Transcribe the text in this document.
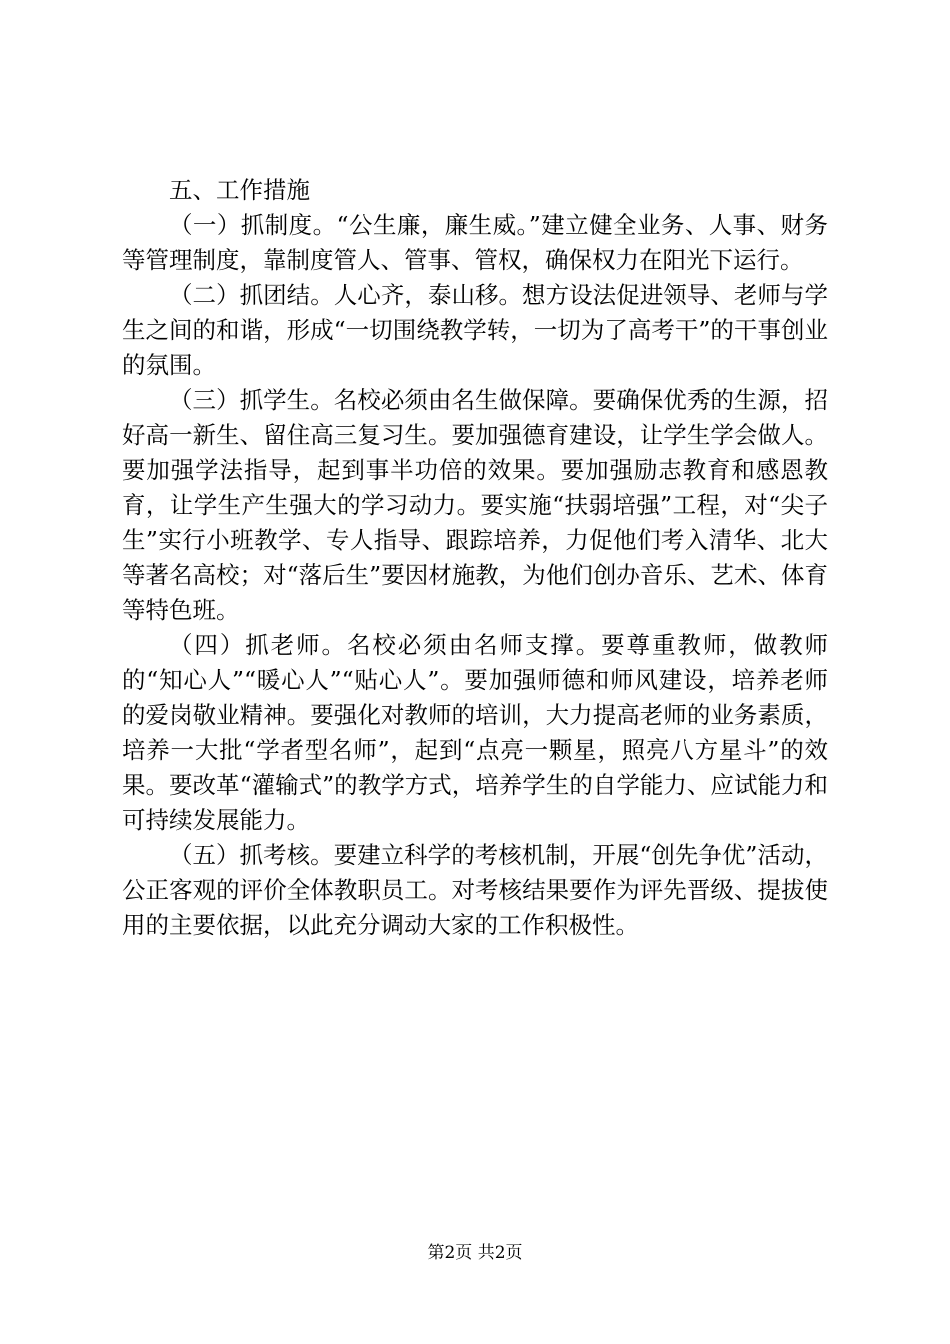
五、工作措施

（一）抓制度。“公生廉，廉生威。”建立健全业务、人事、财务等管理制度，靠制度管人、管事、管权，确保权力在阳光下运行。

（二）抓团结。人心齐，泰山移。想方设法促进领导、老师与学生之间的和谐，形成“一切围绕教学转，一切为了高考干”的干事创业的氛围。

（三）抓学生。名校必须由名生做保障。要确保优秀的生源，招好高一新生、留住高三复习生。要加强德育建设，让学生学会做人。要加强学法指导，起到事半功倍的效果。要加强励志教育和感恩教育，让学生产生强大的学习动力。要实施“扶弱培强”工程，对“尖子生”实行小班教学、专人指导、跟踪培养，力促他们考入清华、北大等著名高校；对“落后生”要因材施教，为他们创办音乐、艺术、体育等特色班。

（四）抓老师。名校必须由名师支撑。要尊重教师，做教师的“知心人”“暖心人”“贴心人”。要加强师德和师风建设，培养老师的爱岗敬业精神。要强化对教师的培训，大力提高老师的业务素质，培养一大批“学者型名师”，起到“点亮一颗星，照亮八方星斗”的效果。要改革“灌输式”的教学方式，培养学生的自学能力、应试能力和可持续发展能力。

（五）抓考核。要建立科学的考核机制，开展“创先争优”活动，公正客观的评价全体教职员工。对考核结果要作为评先晋级、提拔使用的主要依据，以此充分调动大家的工作积极性。

第2页 共2页
